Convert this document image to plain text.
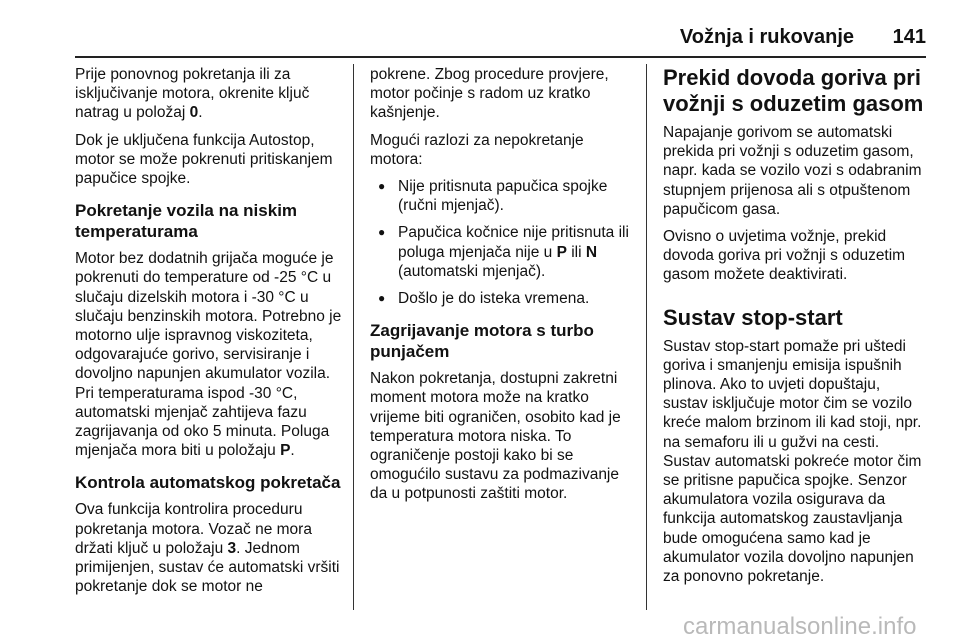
Vožnja i rukovanje 141

Prije ponovnog pokretanja ili za isključivanje motora, okrenite ključ natrag u položaj 0.

Dok je uključena funkcija Autostop, motor se može pokrenuti pritiskanjem papučice spojke.

Pokretanje vozila na niskim temperaturama

Motor bez dodatnih grijača moguće je pokrenuti do temperature od -25 °C u slučaju dizelskih motora i -30 °C u slučaju benzinskih motora. Potrebno je motorno ulje ispravnog viskoziteta, odgovarajuće gorivo, servisiranje i dovoljno napunjen akumulator vozila. Pri temperaturama ispod -30 °C, automatski mjenjač zahtijeva fazu zagrijavanja od oko 5 minuta. Poluga mjenjača mora biti u položaju P.

Kontrola automatskog pokretača

Ova funkcija kontrolira proceduru pokretanja motora. Vozač ne mora držati ključ u položaju 3. Jednom primijenjen, sustav će automatski vršiti pokretanje dok se motor ne

pokrene. Zbog procedure provjere, motor počinje s radom uz kratko kašnjenje.

Mogući razlozi za nepokretanje motora:

● Nije pritisnuta papučica spojke (ručni mjenjač).
● Papučica kočnice nije pritisnuta ili poluga mjenjača nije u P ili N (automatski mjenjač).
● Došlo je do isteka vremena.
Zagrijavanje motora s turbo punjačem

Nakon pokretanja, dostupni zakretni moment motora može na kratko vrijeme biti ograničen, osobito kad je temperatura motora niska. To ograničenje postoji kako bi se omogućilo sustavu za podmazivanje da u potpunosti zaštiti motor.

Prekid dovoda goriva pri vožnji s oduzetim gasom

Napajanje gorivom se automatski prekida pri vožnji s oduzetim gasom, napr. kada se vozilo vozi s odabranim stupnjem prijenosa ali s otpuštenom papučicom gasa.

Ovisno o uvjetima vožnje, prekid dovoda goriva pri vožnji s oduzetim gasom možete deaktivirati.

Sustav stop-start

Sustav stop-start pomaže pri uštedi goriva i smanjenju emisija ispušnih plinova. Ako to uvjeti dopuštaju, sustav isključuje motor čim se vozilo kreće malom brzinom ili kad stoji, npr. na semaforu ili u gužvi na cesti. Sustav automatski pokreće motor čim se pritisne papučica spojke. Senzor akumulatora vozila osigurava da funkcija automatskog zaustavljanja bude omogućena samo kad je akumulator vozila dovoljno napunjen za ponovno pokretanje.

carmanualsonline.info
